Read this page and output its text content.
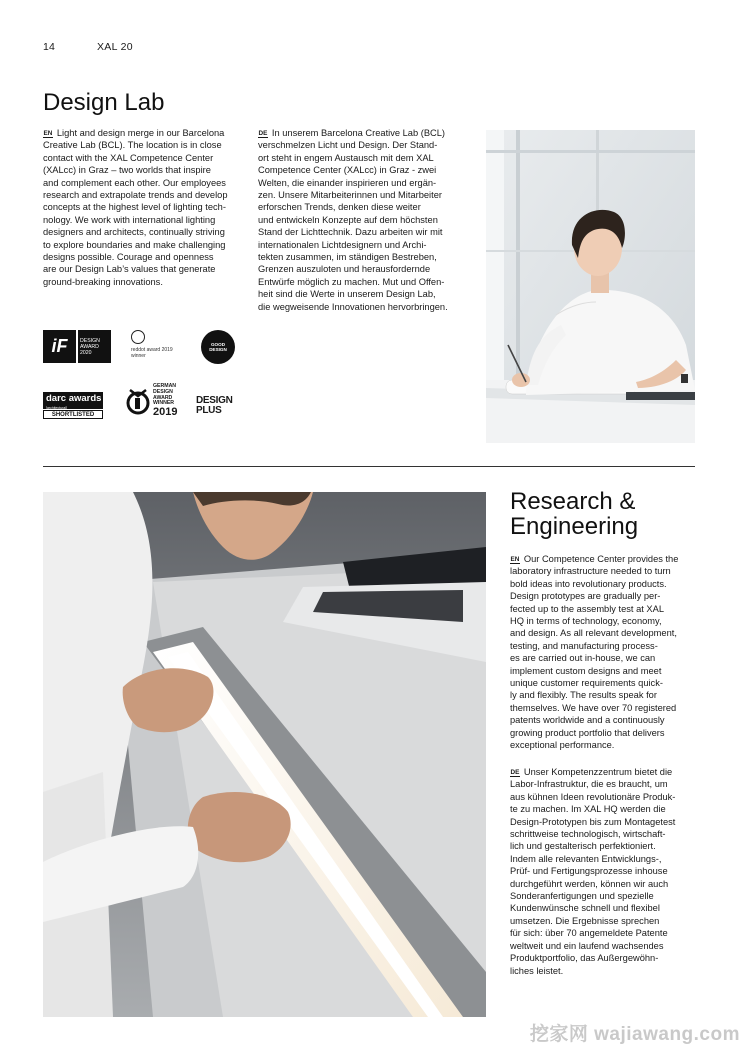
14	XAL 20
Design Lab
EN Light and design merge in our Barcelona
Creative Lab (BCL). The location is in close
contact with the XAL Competence Center
(XALcc) in Graz – two worlds that inspire
and complement each other. Our employees
research and extrapolate trends and develop
concepts at the highest level of lighting tech-
nology. We work with international lighting
designers and architects, continually striving
to explore boundaries and make challenging
designs possible. Courage and openness
are our Design Lab’s values that generate
ground-breaking innovations.
DE In unserem Barcelona Creative Lab (BCL)
verschmelzen Licht und Design. Der Stand-
ort steht in engem Austausch mit dem XAL
Competence Center (XALcc) in Graz - zwei
Welten, die einander inspirieren und ergän-
zen. Unsere Mitarbeiterinnen und Mitarbeiter
erforschen Trends, denken diese weiter
und entwickeln Konzepte auf dem höchsten
Stand der Lichttechnik. Dazu arbeiten wir mit
internationalen Lichtdesignern und Archi-
tekten zusammen, im ständigen Bestreben,
Grenzen auszuloten und herausfordernde
Entwürfe möglich zu machen. Mut und Offen-
heit sind die Werte in unserem Design Lab,
die wegweisende Innovationen hervorbringen.
iF	DESIGN
AWARD
2020	reddot award 2019
winner
GOOD
DESIGN
darc awards
[architectural]
SHORTLISTED
GERMAN
DESIGN
AWARD
WINNER
2019
DESIGN
PLUS
Research &
Engineering
EN Our Competence Center provides the
laboratory infrastructure needed to turn
bold ideas into revolutionary products.
Design prototypes are gradually per-
fected up to the assembly test at XAL
HQ in terms of technology, economy,
and design. As all relevant development,
testing, and manufacturing process-
es are carried out in-house, we can
implement custom designs and meet
unique customer requirements quick-
ly and flexibly. The results speak for
themselves. We have over 70 registered
patents worldwide and a continuously
growing product portfolio that delivers
exceptional performance.
DE Unser Kompetenzzentrum bietet die
Labor-Infrastruktur, die es braucht, um
aus kühnen Ideen revolutionäre Produk-
te zu machen. Im XAL HQ werden die
Design-Prototypen bis zum Montagetest
schrittweise technologisch, wirtschaft-
lich und gestalterisch perfektioniert.
Indem alle relevanten Entwicklungs-,
Prüf- und Fertigungsprozesse inhouse
durchgeführt werden, können wir auch
Sonderanfertigungen und spezielle
Kundenwünsche schnell und flexibel
umsetzen. Die Ergebnisse sprechen
für sich: über 70 angemeldete Patente
weltweit und ein laufend wachsendes
Produktportfolio, das Außergewöhn-
liches leistet.
挖家网 wajiawang.com
